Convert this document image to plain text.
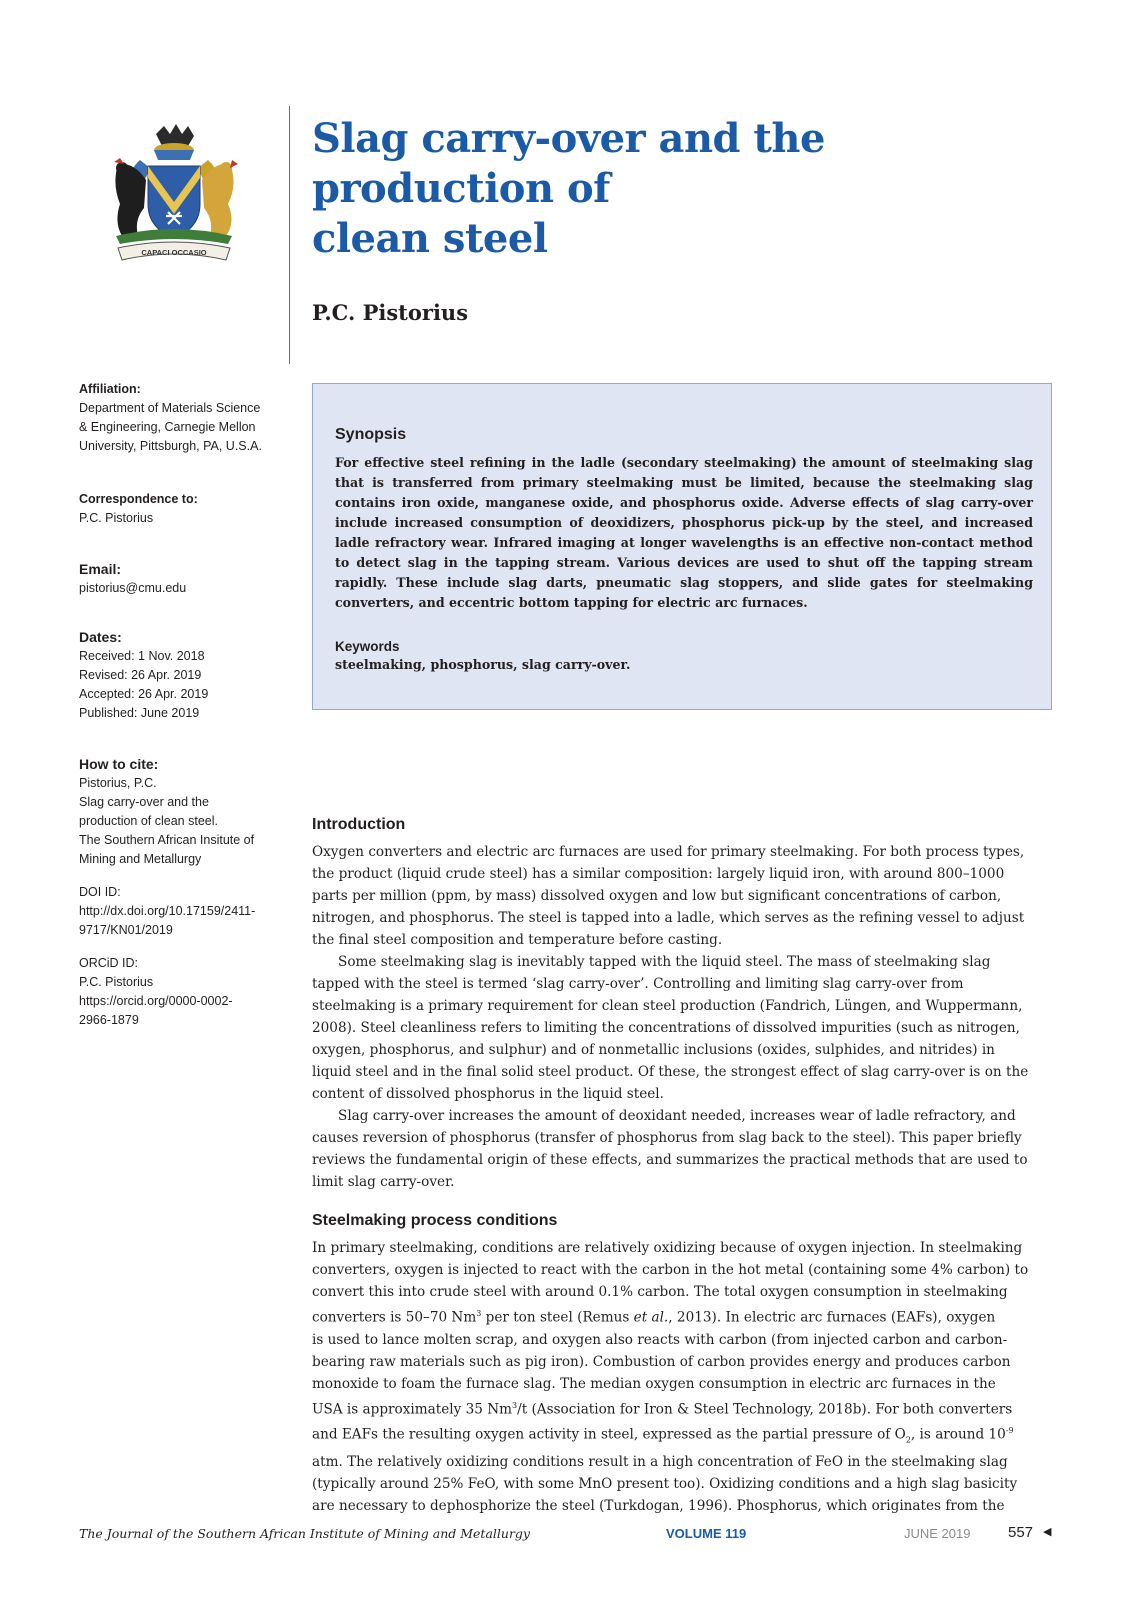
CAPACI OCCASIO
Slag carry-over and the production of
clean steel

P.C. Pistorius

Affiliation:
Department of Materials Science
& Engineering, Carnegie Mellon
University, Pittsburgh, PA, U.S.A.
Correspondence to:
P.C. Pistorius
Email:
pistorius@cmu.edu
Dates:
Received: 1 Nov. 2018
Revised: 26 Apr. 2019
Accepted: 26 Apr. 2019
Published: June 2019
How to cite:
Pistorius, P.C.
Slag carry-over and the
production of clean steel.
The Southern African Insitute of
Mining and Metallurgy
DOI ID:
http://dx.doi.org/10.17159/2411-
9717/KN01/2019
ORCiD ID:
P.C. Pistorius
https://orcid.org/0000-0002-
2966-1879
Synopsis

For effective steel refining in the ladle (secondary steelmaking) the amount of steelmaking slag that is transferred from primary steelmaking must be limited, because the steelmaking slag contains iron oxide, manganese oxide, and phosphorus oxide. Adverse effects of slag carry-over include increased consumption of deoxidizers, phosphorus pick-up by the steel, and increased ladle refractory wear. Infrared imaging at longer wavelengths is an effective non-contact method to detect slag in the tapping stream. Various devices are used to shut off the tapping stream rapidly. These include slag darts, pneumatic slag stoppers, and slide gates for steelmaking converters, and eccentric bottom tapping for electric arc furnaces.

Keywords

steelmaking, phosphorus, slag carry-over.

Introduction
Oxygen converters and electric arc furnaces are used for primary steelmaking. For both process types,
the product (liquid crude steel) has a similar composition: largely liquid iron, with around 800–1000
parts per million (ppm, by mass) dissolved oxygen and low but significant concentrations of carbon,
nitrogen, and phosphorus. The steel is tapped into a ladle, which serves as the refining vessel to adjust
the final steel composition and temperature before casting.
Some steelmaking slag is inevitably tapped with the liquid steel. The mass of steelmaking slag
tapped with the steel is termed ‘slag carry-over’. Controlling and limiting slag carry-over from
steelmaking is a primary requirement for clean steel production (Fandrich, Lüngen, and Wuppermann,
2008). Steel cleanliness refers to limiting the concentrations of dissolved impurities (such as nitrogen,
oxygen, phosphorus, and sulphur) and of nonmetallic inclusions (oxides, sulphides, and nitrides) in
liquid steel and in the final solid steel product. Of these, the strongest effect of slag carry-over is on the
content of dissolved phosphorus in the liquid steel.
Slag carry-over increases the amount of deoxidant needed, increases wear of ladle refractory, and
causes reversion of phosphorus (transfer of phosphorus from slag back to the steel). This paper briefly
reviews the fundamental origin of these effects, and summarizes the practical methods that are used to
limit slag carry-over.
Steelmaking process conditions
In primary steelmaking, conditions are relatively oxidizing because of oxygen injection. In steelmaking
converters, oxygen is injected to react with the carbon in the hot metal (containing some 4% carbon) to
convert this into crude steel with around 0.1% carbon. The total oxygen consumption in steelmaking
converters is 50–70 Nm$^3$ per ton steel (Remus et al., 2013). In electric arc furnaces (EAFs), oxygen
is used to lance molten scrap, and oxygen also reacts with carbon (from injected carbon and carbon-
bearing raw materials such as pig iron). Combustion of carbon provides energy and produces carbon
monoxide to foam the furnace slag. The median oxygen consumption in electric arc furnaces in the
USA is approximately 35 Nm$^3$/t (Association for Iron & Steel Technology, 2018b). For both converters
and EAFs the resulting oxygen activity in steel, expressed as the partial pressure of $O_2$, is around $10^{-9}$
atm. The relatively oxidizing conditions result in a high concentration of FeO in the steelmaking slag
(typically around 25% FeO, with some MnO present too). Oxidizing conditions and a high slag basicity
are necessary to dephosphorize the steel (Turkdogan, 1996). Phosphorus, which originates from the

The Journal of the Southern African Institute of Mining and Metallurgy	VOLUME 119	JUNE 2019	557 ◀
